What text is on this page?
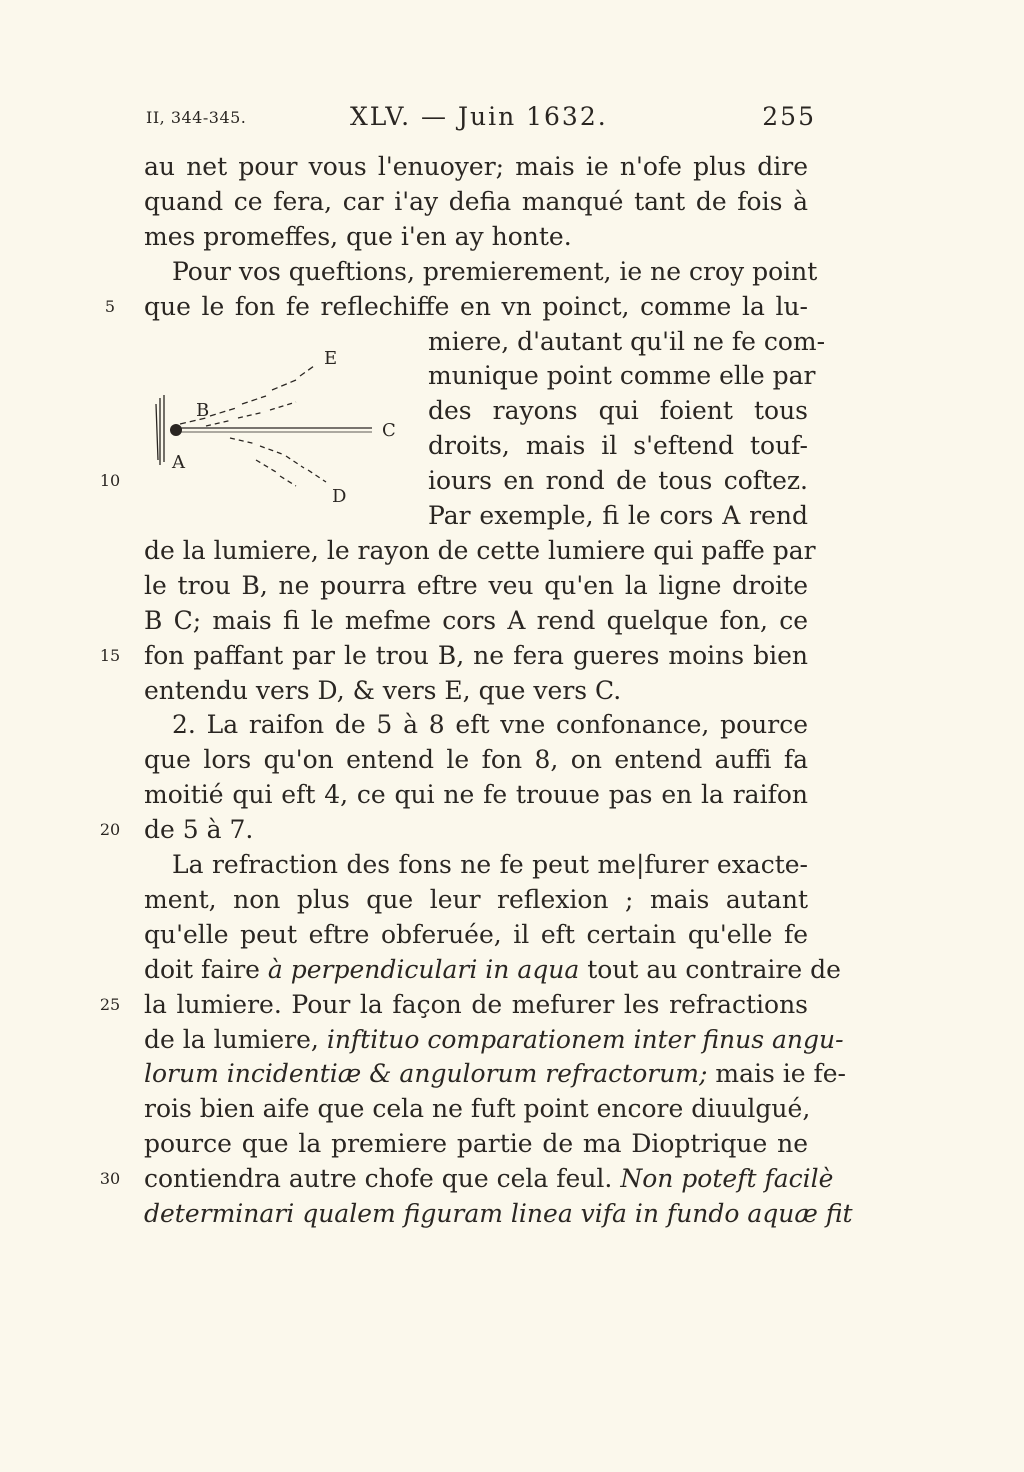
II, 344-345.	XLV. — Juin 1632.	255
B
C
A
E
D
au net pour vous l'enuoyer; mais ie n'ofe plus dire
quand ce fera, car i'ay defia manqué tant de fois à
mes promeffes, que i'en ay honte.
Pour vos queftions, premierement, ie ne croy point
5 que le fon fe reflechiffe en vn poinct, comme la lu-
miere, d'autant qu'il ne fe com-
munique point comme elle par
des rayons qui foient tous
droits, mais il s'eftend touf-
10	iours en rond de tous coftez.
Par exemple, fi le cors A rend
de la lumiere, le rayon de cette lumiere qui paffe par
le trou B, ne pourra eftre veu qu'en la ligne droite
B C; mais fi le mefme cors A rend quelque fon, ce
15 fon paffant par le trou B, ne fera gueres moins bien
entendu vers D, & vers E, que vers C.
2. La raifon de 5 à 8 eft vne confonance, pource
que lors qu'on entend le fon 8, on entend auffi fa
moitié qui eft 4, ce qui ne fe trouue pas en la raifon
20 de 5 à 7.
La refraction des fons ne fe peut me|furer exacte-
ment, non plus que leur reflexion ; mais autant
qu'elle peut eftre obferuée, il eft certain qu'elle fe
doit faire à perpendiculari in aqua tout au contraire de
25 la lumiere. Pour la façon de mefurer les refractions
de la lumiere, inftituo comparationem inter finus angu-
lorum incidentiæ & angulorum refractorum; mais ie fe-
rois bien aife que cela ne fuft point encore diuulgué,
pource que la premiere partie de ma Dioptrique ne
30 contiendra autre chofe que cela feul. Non poteft facilè
determinari qualem figuram linea vifa in fundo aquæ fit
